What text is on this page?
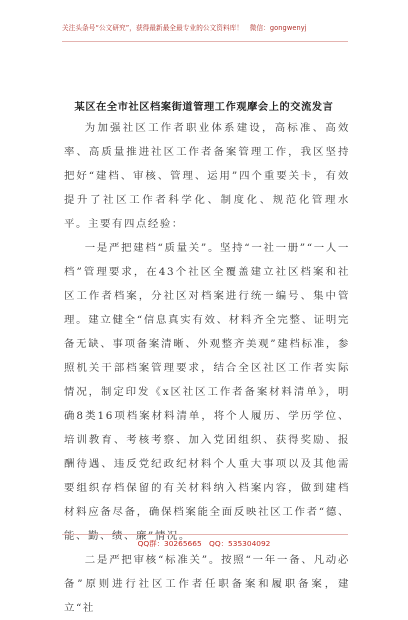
关注头条号“公文研究”，获得最新最全最专业的公文资料库！　微信：gongwenyj
某区在全市社区档案街道管理工作观摩会上的交流发言

为加强社区工作者职业体系建设，高标准、高效率、高质量推进社区工作者备案管理工作，我区坚持把好“建档、审核、管理、运用”四个重要关卡，有效提升了社区工作者科学化、制度化、规范化管理水平。主要有四点经验：

一是严把建档“质量关”。坚持“一社一册”“一人一档”管理要求，在43个社区全覆盖建立社区档案和社区工作者档案，分社区对档案进行统一编号、集中管理。建立健全“信息真实有效、材料齐全完整、证明完备无缺、事项备案清晰、外观整齐美观”建档标准，参照机关干部档案管理要求，结合全区社区工作者实际情况，制定印发《x区社区工作者备案材料清单》，明确8类16项档案材料清单，将个人履历、学历学位、培训教育、考核考察、加入党团组织、获得奖励、报酬待遇、违反党纪政纪材料个人重大事项以及其他需要组织存档保留的有关材料纳入档案内容，做到建档材料应备尽备，确保档案能全面反映社区工作者“德、能、勤、绩、廉”情况。

二是严把审核“标准关”。按照“一年一备、凡动必备”原则进行社区工作者任职备案和履职备案，建立“社

QQ群：30265665　QQ：535304092
